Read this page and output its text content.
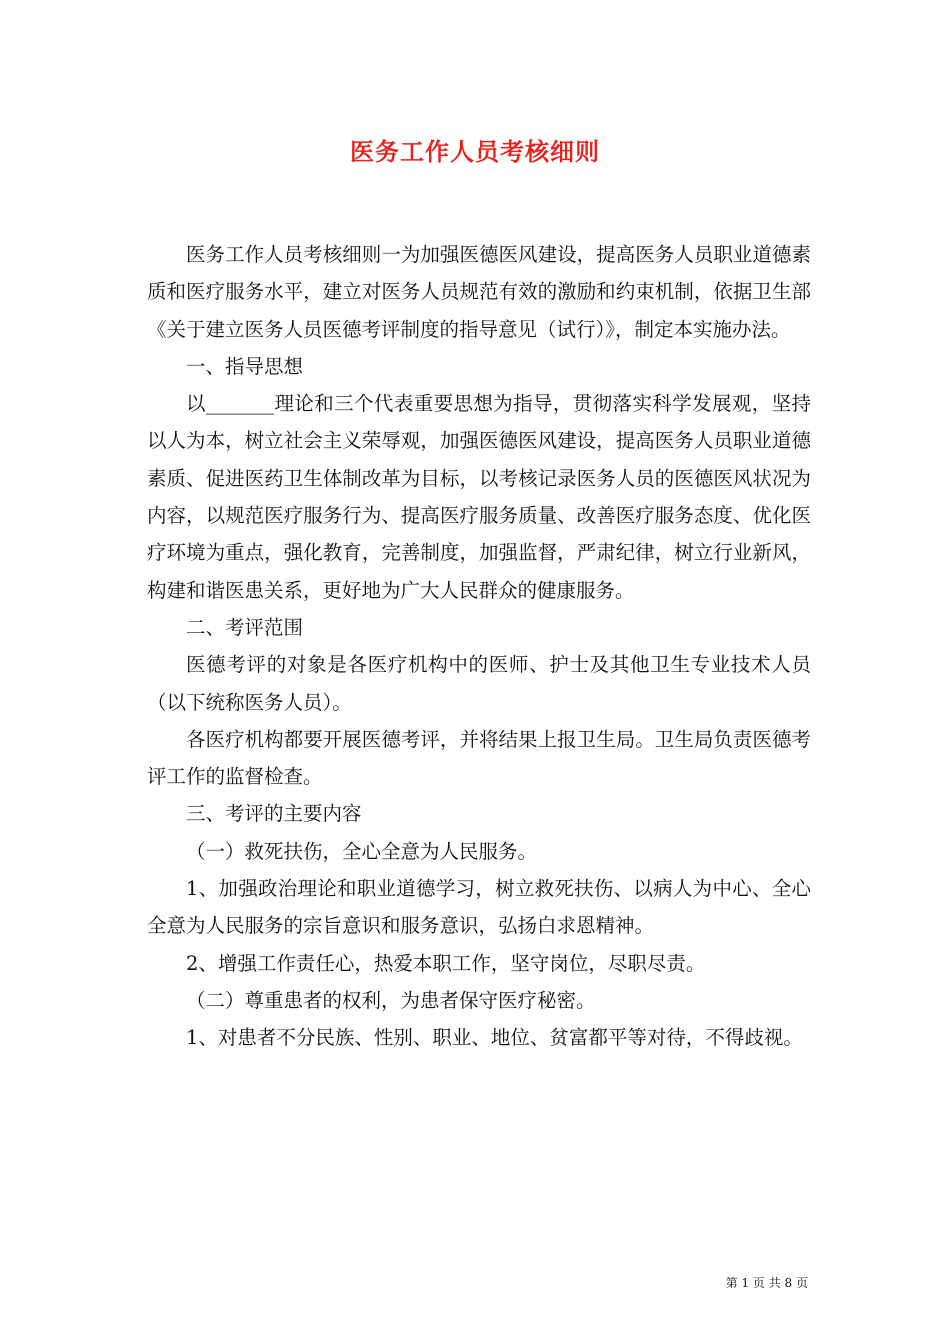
医务工作人员考核细则

医务工作人员考核细则一为加强医德医风建设，提高医务人员职业道德素质和医疗服务水平，建立对医务人员规范有效的激励和约束机制，依据卫生部《关于建立医务人员医德考评制度的指导意见（试行）》，制定本实施办法。

一、指导思想

以_______理论和三个代表重要思想为指导，贯彻落实科学发展观，坚持以人为本，树立社会主义荣辱观，加强医德医风建设，提高医务人员职业道德素质、促进医药卫生体制改革为目标，以考核记录医务人员的医德医风状况为内容，以规范医疗服务行为、提高医疗服务质量、改善医疗服务态度、优化医疗环境为重点，强化教育，完善制度，加强监督，严肃纪律，树立行业新风，构建和谐医患关系，更好地为广大人民群众的健康服务。

二、考评范围

医德考评的对象是各医疗机构中的医师、护士及其他卫生专业技术人员（以下统称医务人员）。

各医疗机构都要开展医德考评，并将结果上报卫生局。卫生局负责医德考评工作的监督检查。

三、考评的主要内容

（一）救死扶伤，全心全意为人民服务。

1、加强政治理论和职业道德学习，树立救死扶伤、以病人为中心、全心全意为人民服务的宗旨意识和服务意识，弘扬白求恩精神。

2、增强工作责任心，热爱本职工作，坚守岗位，尽职尽责。

（二）尊重患者的权利，为患者保守医疗秘密。

1、对患者不分民族、性别、职业、地位、贫富都平等对待，不得歧视。

第 1 页 共 8 页
